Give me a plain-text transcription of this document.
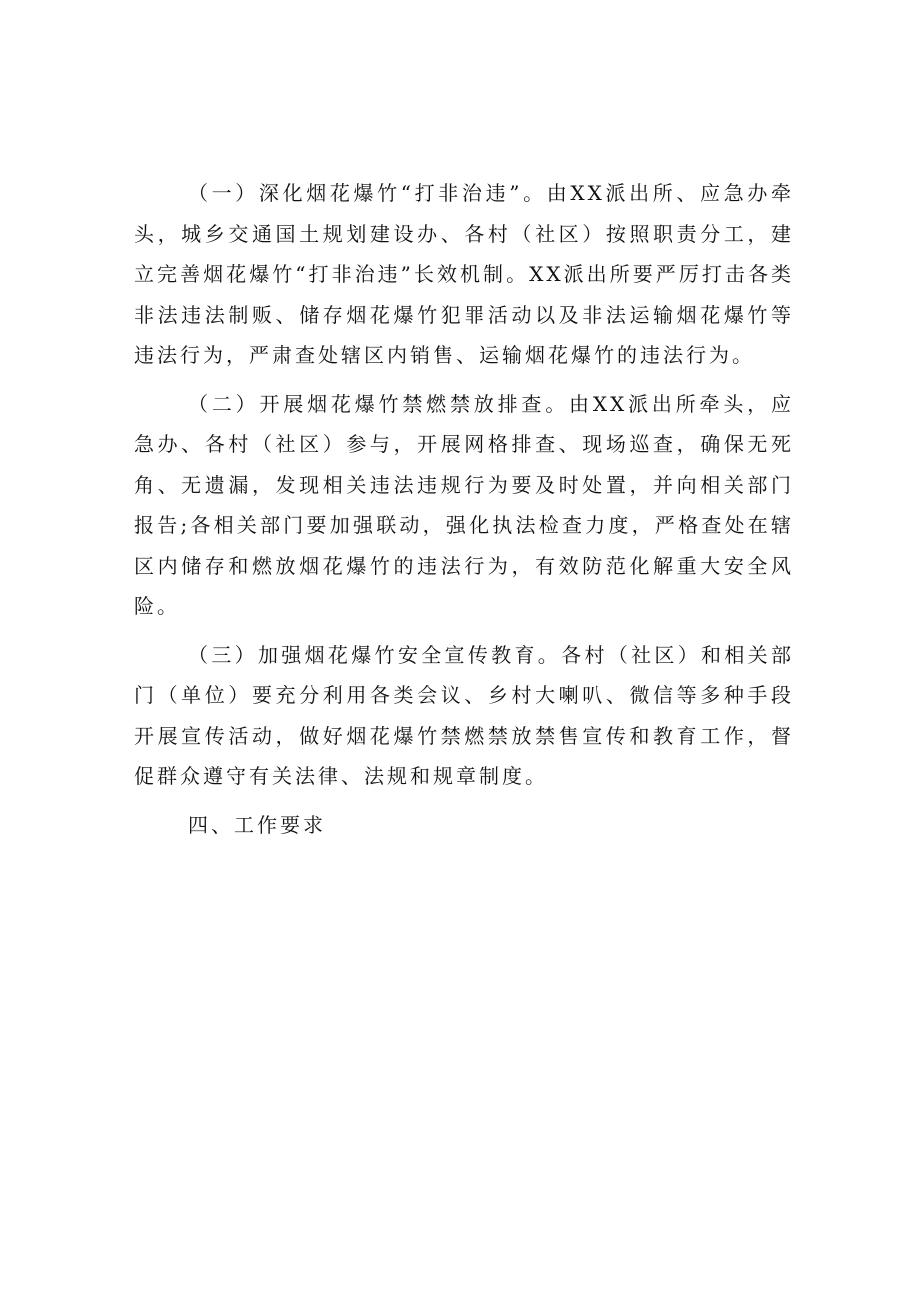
（一）深化烟花爆竹“打非治违”。由XX派出所、应急办牵头，城乡交通国土规划建设办、各村（社区）按照职责分工，建立完善烟花爆竹“打非治违”长效机制。XX派出所要严厉打击各类非法违法制贩、储存烟花爆竹犯罪活动以及非法运输烟花爆竹等违法行为，严肃查处辖区内销售、运输烟花爆竹的违法行为。

（二）开展烟花爆竹禁燃禁放排查。由XX派出所牵头，应急办、各村（社区）参与，开展网格排查、现场巡查，确保无死角、无遗漏，发现相关违法违规行为要及时处置，并向相关部门报告;各相关部门要加强联动，强化执法检查力度，严格查处在辖区内储存和燃放烟花爆竹的违法行为，有效防范化解重大安全风险。

（三）加强烟花爆竹安全宣传教育。各村（社区）和相关部门（单位）要充分利用各类会议、乡村大喇叭、微信等多种手段开展宣传活动，做好烟花爆竹禁燃禁放禁售宣传和教育工作，督促群众遵守有关法律、法规和规章制度。

四、工作要求
